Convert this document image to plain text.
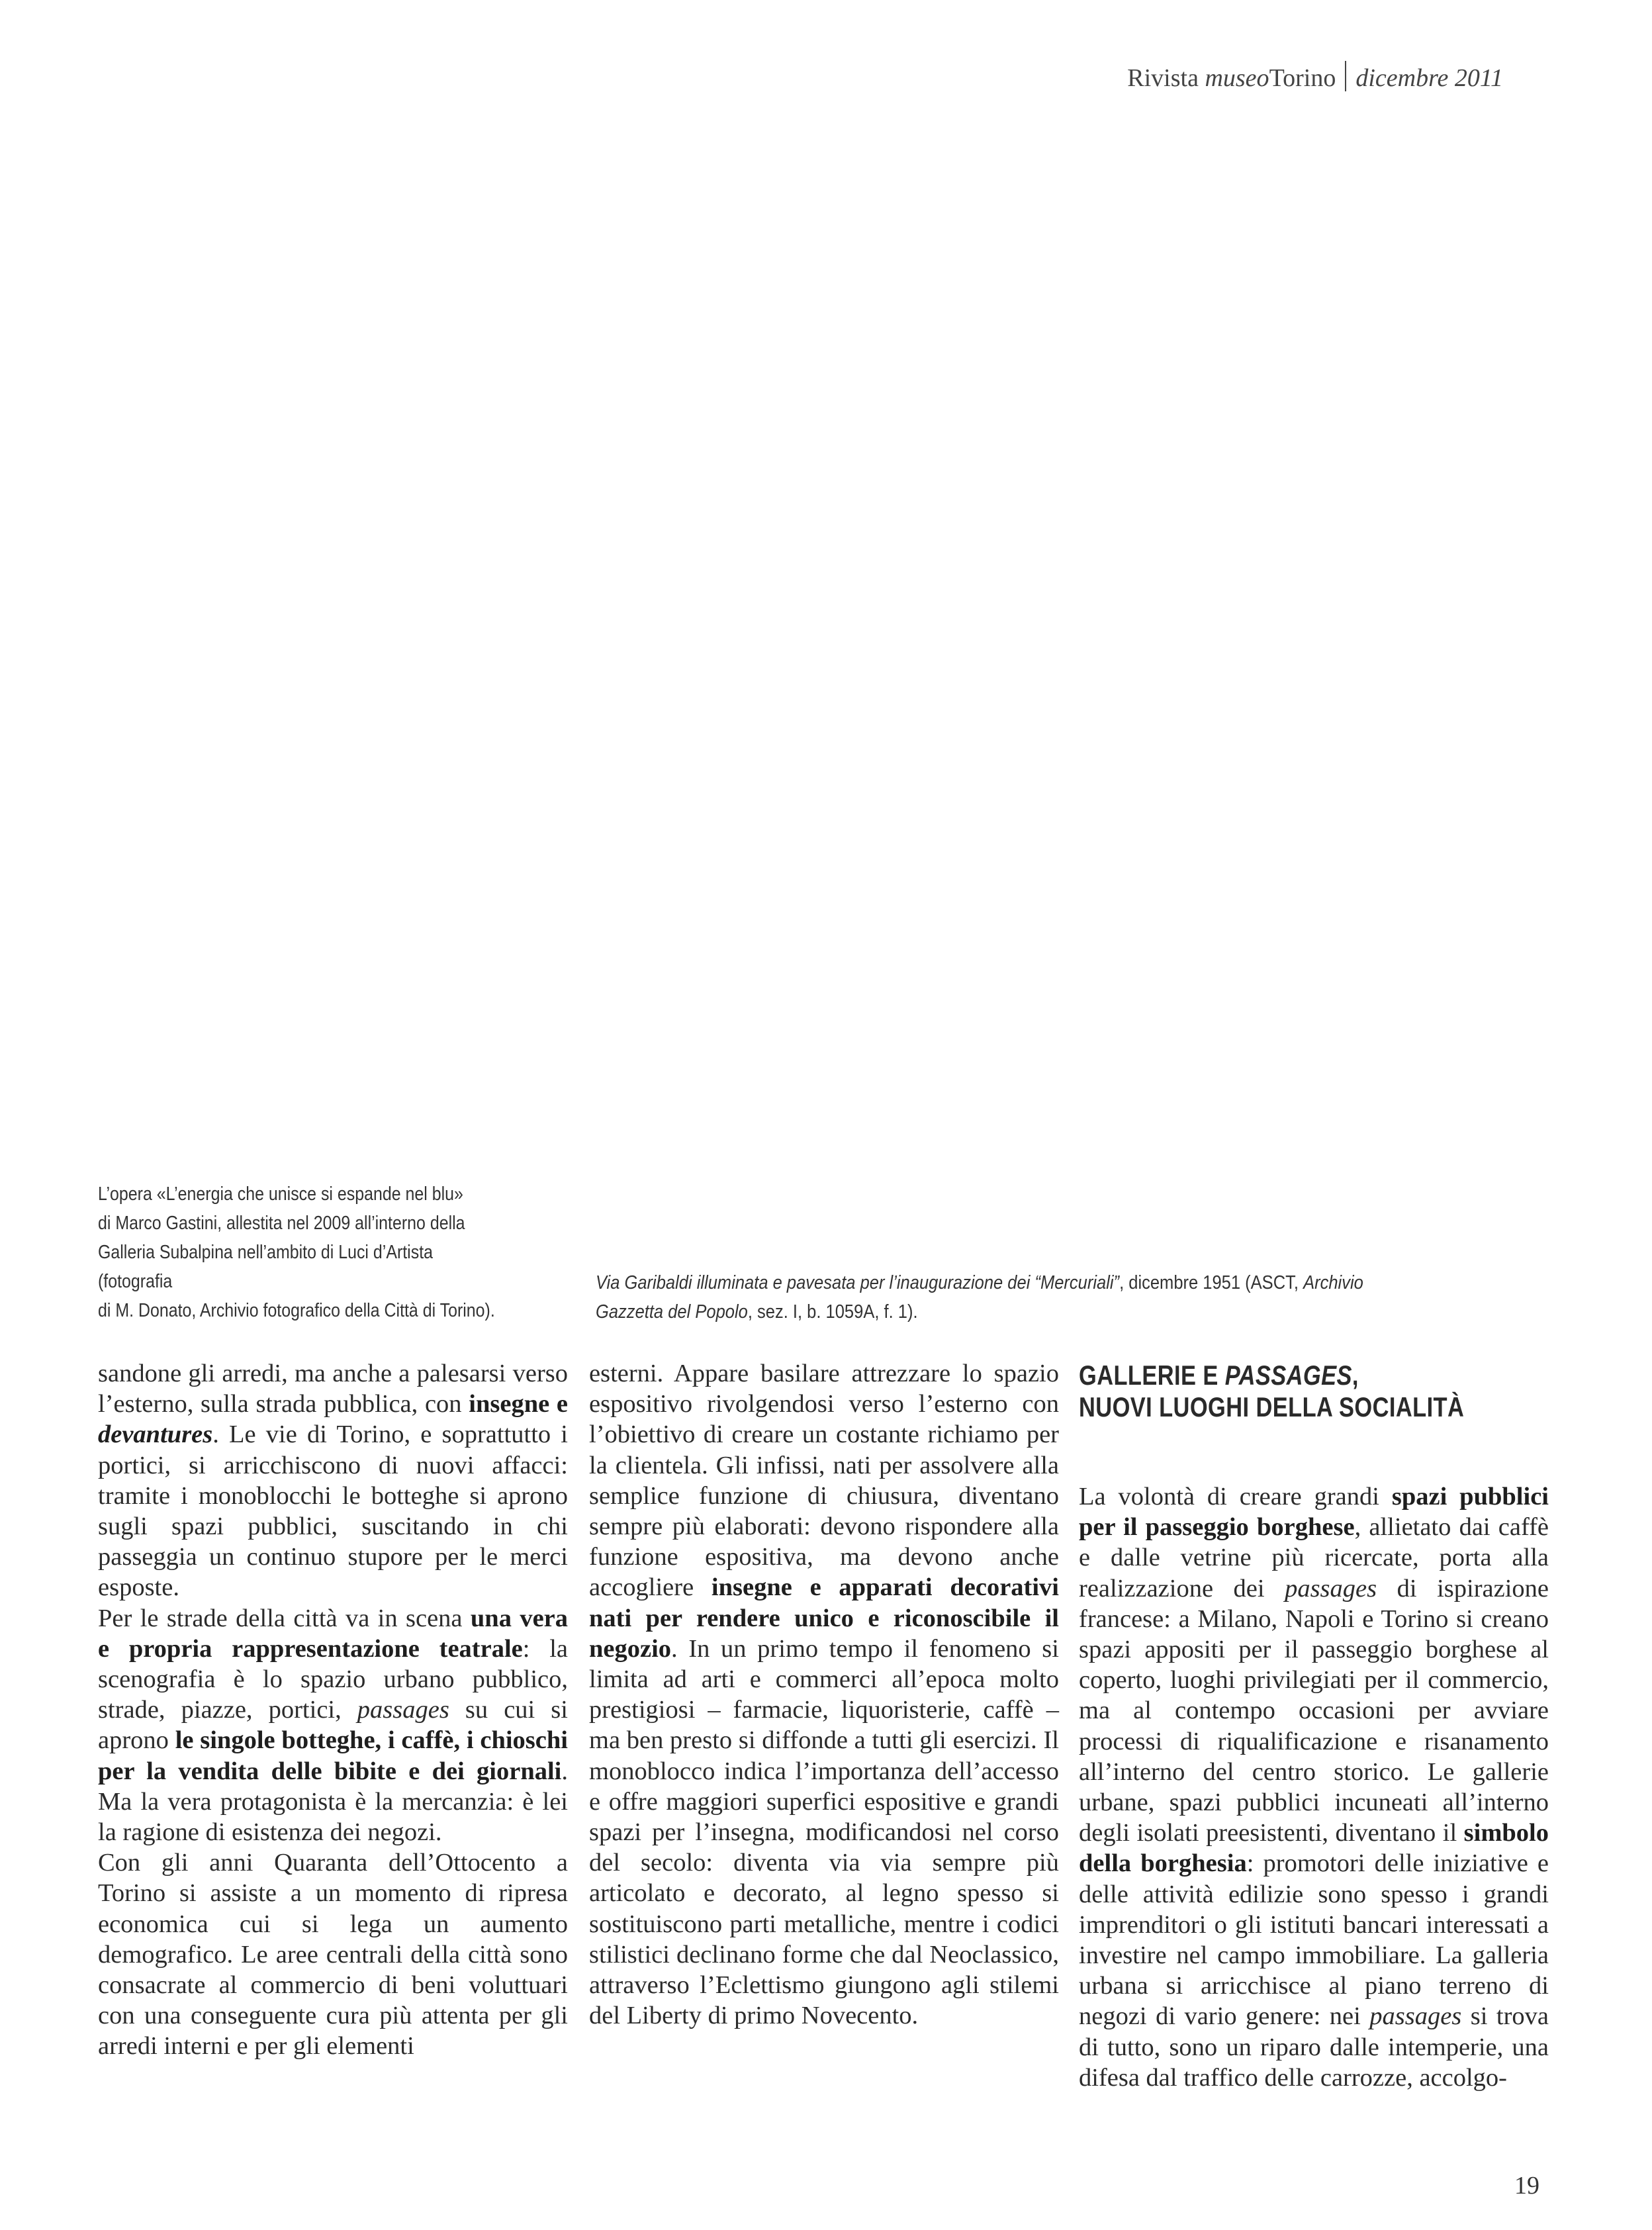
Rivista museoTorino dicembre 2011
L’opera «L’energia che unisce si espande nel blu»
di Marco Gastini, allestita nel 2009 all’interno della
Galleria Subalpina nell’ambito di Luci d’Artista (fotografia
di M. Donato, Archivio fotografico della Città di Torino).
Via Garibaldi illuminata e pavesata per l’inaugurazione dei “Mercuriali”, dicembre 1951 (ASCT, Archivio Gazzetta del Popolo, sez. I, b. 1059A, f. 1).

sandone gli arredi, ma anche a palesarsi verso l’esterno, sulla strada pubblica, con insegne e devantures. Le vie di Torino, e soprattutto i portici, si arricchiscono di nuovi affacci: tramite i monoblocchi le botteghe si aprono sugli spazi pubblici, suscitando in chi passeggia un continuo stupore per le merci esposte.

Per le strade della città va in scena una vera e propria rappresentazione teatrale: la scenografia è lo spazio urbano pubblico, strade, piazze, portici, passages su cui si aprono le singole botteghe, i caffè, i chioschi per la vendita delle bibite e dei giornali. Ma la vera protagonista è la mercanzia: è lei la ragione di esistenza dei negozi.

Con gli anni Quaranta dell’Ottocento a Torino si assiste a un momento di ripresa economica cui si lega un aumento demografico. Le aree centrali della città sono consacrate al commercio di beni voluttuari con una conseguente cura più attenta per gli arredi interni e per gli elementi

esterni. Appare basilare attrezzare lo spazio espositivo rivolgendosi verso l’esterno con l’obiettivo di creare un costante richiamo per la clientela. Gli infissi, nati per assolvere alla semplice funzione di chiusura, diventano sempre più elaborati: devono rispondere alla funzione espositiva, ma devono anche accogliere insegne e apparati decorativi nati per rendere unico e riconoscibile il negozio. In un primo tempo il fenomeno si limita ad arti e commerci all’epoca molto prestigiosi – farmacie, liquoristerie, caffè – ma ben presto si diffonde a tutti gli esercizi. Il monoblocco indica l’importanza dell’accesso e offre maggiori superfici espositive e grandi spazi per l’insegna, modificandosi nel corso del secolo: diventa via via sempre più articolato e decorato, al legno spesso si sostituiscono parti metalliche, mentre i codici stilistici declinano forme che dal Neoclassico, attraverso l’Eclettismo giungono agli stilemi del Liberty di primo Novecento.

GALLERIE E PASSAGES,
NUOVI LUOGHI DELLA SOCIALITÀ

La volontà di creare grandi spazi pubblici per il passeggio borghese, allietato dai caffè e dalle vetrine più ricercate, porta alla realizzazione dei passages di ispirazione francese: a Milano, Napoli e Torino si creano spazi appositi per il passeggio borghese al coperto, luoghi privilegiati per il commercio, ma al contempo occasioni per avviare processi di riqualificazione e risanamento all’interno del centro storico. Le gallerie urbane, spazi pubblici incuneati all’interno degli isolati preesistenti, diventano il simbolo della borghesia: promotori delle iniziative e delle attività edilizie sono spesso i grandi imprenditori o gli istituti bancari interessati a investire nel campo immobiliare. La galleria urbana si arricchisce al piano terreno di negozi di vario genere: nei passages si trova di tutto, sono un riparo dalle intemperie, una difesa dal traffico delle carrozze, accolgo-

19
